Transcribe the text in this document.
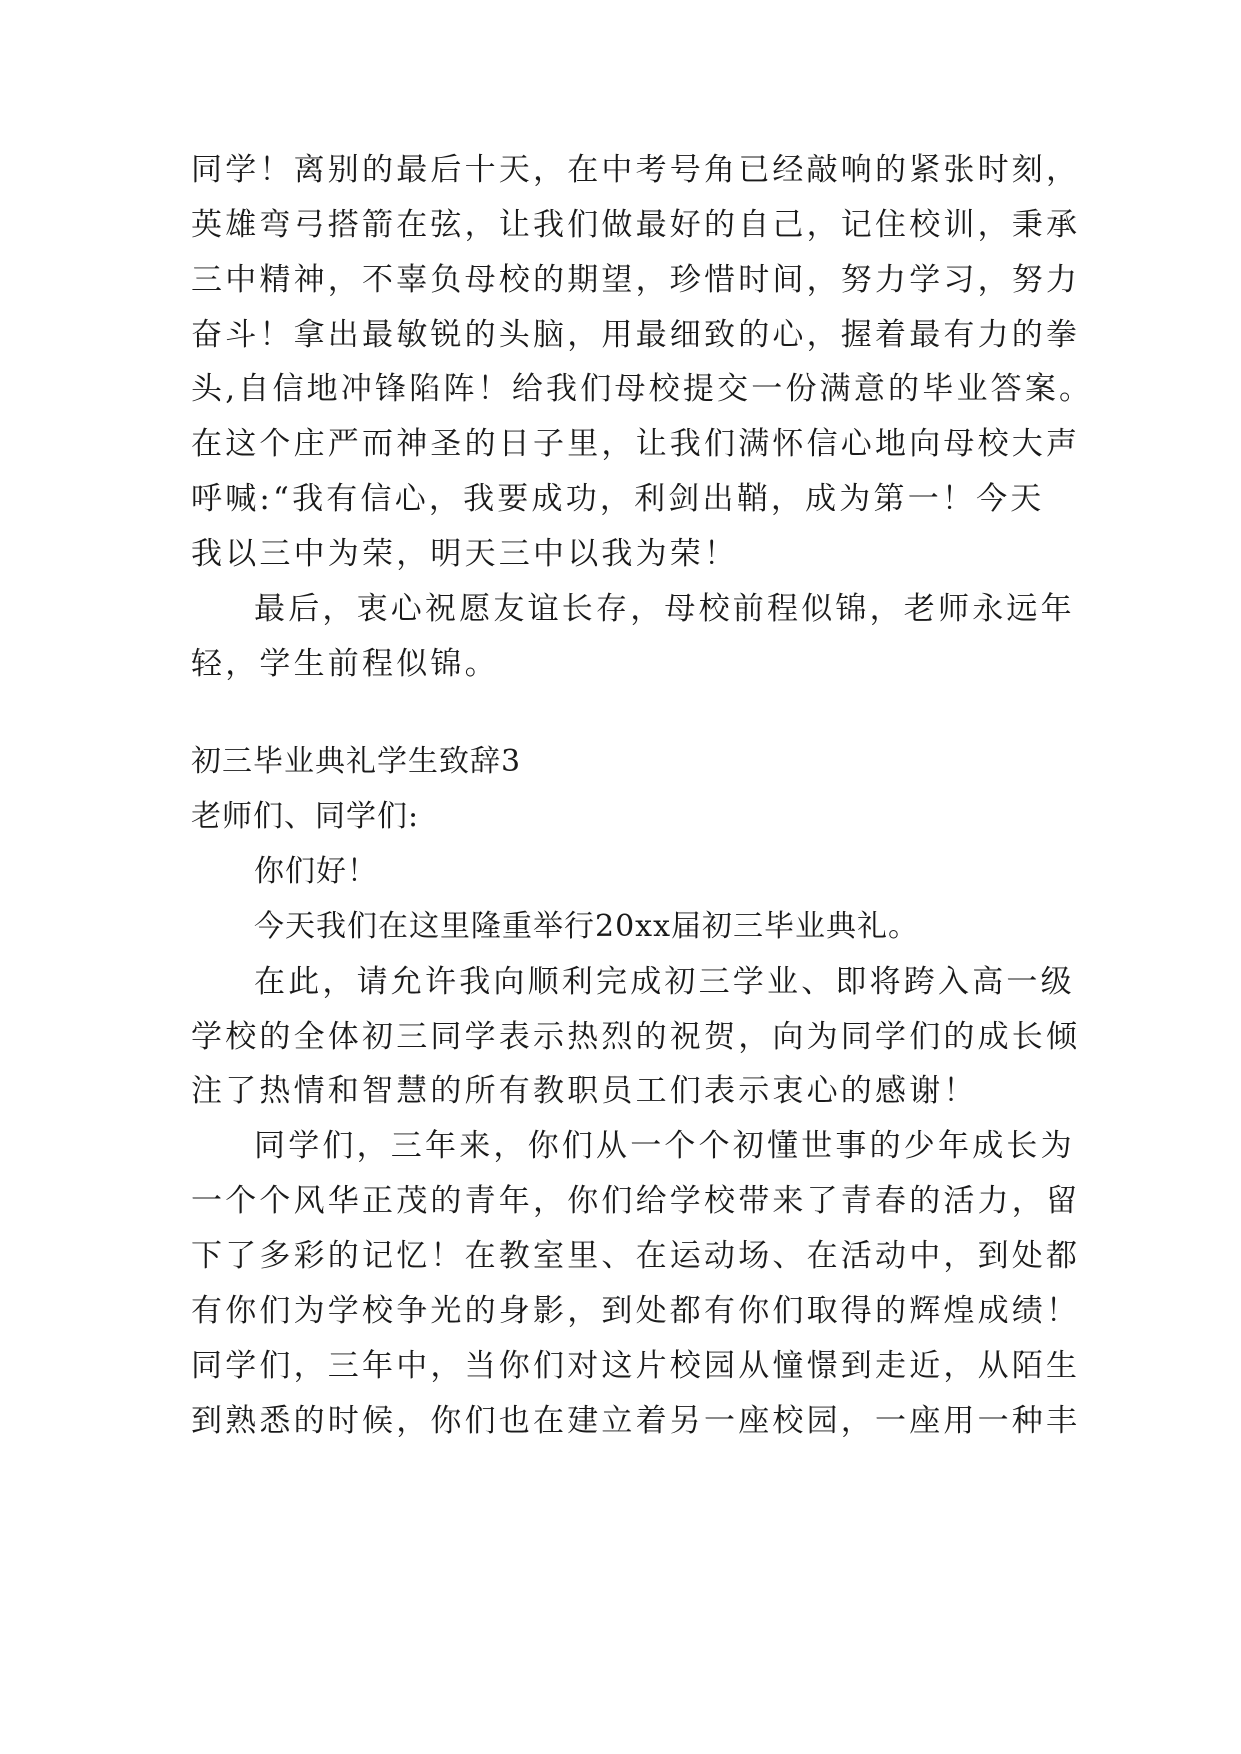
同学！离别的最后十天，在中考号角已经敲响的紧张时刻，
英雄弯弓搭箭在弦，让我们做最好的自己，记住校训，秉承
三中精神，不辜负母校的期望，珍惜时间，努力学习，努力
奋斗！拿出最敏锐的头脑，用最细致的心，握着最有力的拳
头,自信地冲锋陷阵！给我们母校提交一份满意的毕业答案。
在这个庄严而神圣的日子里，让我们满怀信心地向母校大声
呼喊:“我有信心，我要成功，利剑出鞘，成为第一！今天
我以三中为荣，明天三中以我为荣！
最后，衷心祝愿友谊长存，母校前程似锦，老师永远年
轻，学生前程似锦。
初三毕业典礼学生致辞3
老师们、同学们:
你们好！
今天我们在这里隆重举行20xx届初三毕业典礼。
在此，请允许我向顺利完成初三学业、即将跨入高一级
学校的全体初三同学表示热烈的祝贺，向为同学们的成长倾
注了热情和智慧的所有教职员工们表示衷心的感谢！
同学们，三年来，你们从一个个初懂世事的少年成长为
一个个风华正茂的青年，你们给学校带来了青春的活力，留
下了多彩的记忆！在教室里、在运动场、在活动中，到处都
有你们为学校争光的身影，到处都有你们取得的辉煌成绩！
同学们，三年中，当你们对这片校园从憧憬到走近，从陌生
到熟悉的时候，你们也在建立着另一座校园，一座用一种丰
